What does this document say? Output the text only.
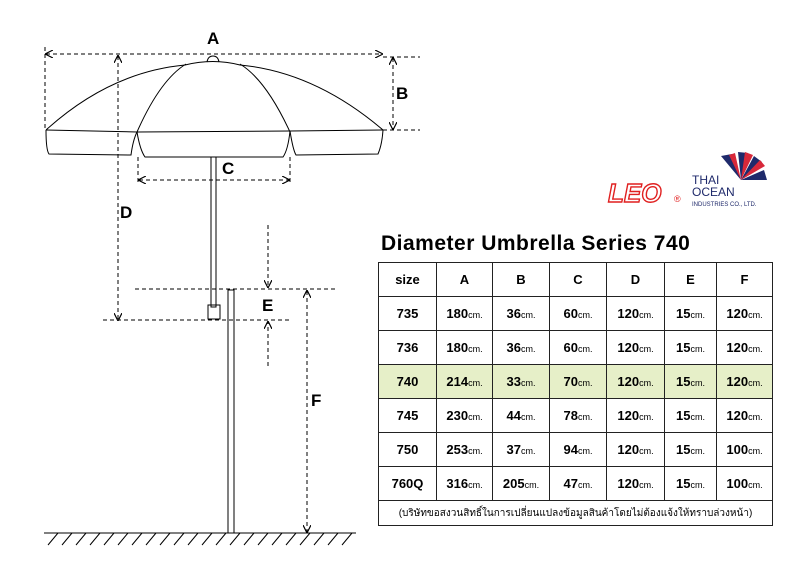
A
B
C
D
E
F
LEO ®
THAI
OCEAN
INDUSTRIES CO., LTD.
Diameter Umbrella Series 740
size	A	B	C	D	E	F
735	180cm.	36cm.	60cm.	120cm.	15cm.	120cm.
736	180cm.	36cm.	60cm.	120cm.	15cm.	120cm.
740	214cm.	33cm.	70cm.	120cm.	15cm.	120cm.
745	230cm.	44cm.	78cm.	120cm.	15cm.	120cm.
750	253cm.	37cm.	94cm.	120cm.	15cm.	100cm.
760Q	316cm.	205cm.	47cm.	120cm.	15cm.	100cm.
(บริษัทขอสงวนสิทธิ์ในการเปลี่ยนแปลงข้อมูลสินค้าโดยไม่ต้องแจ้งให้ทราบล่วงหน้า)						
